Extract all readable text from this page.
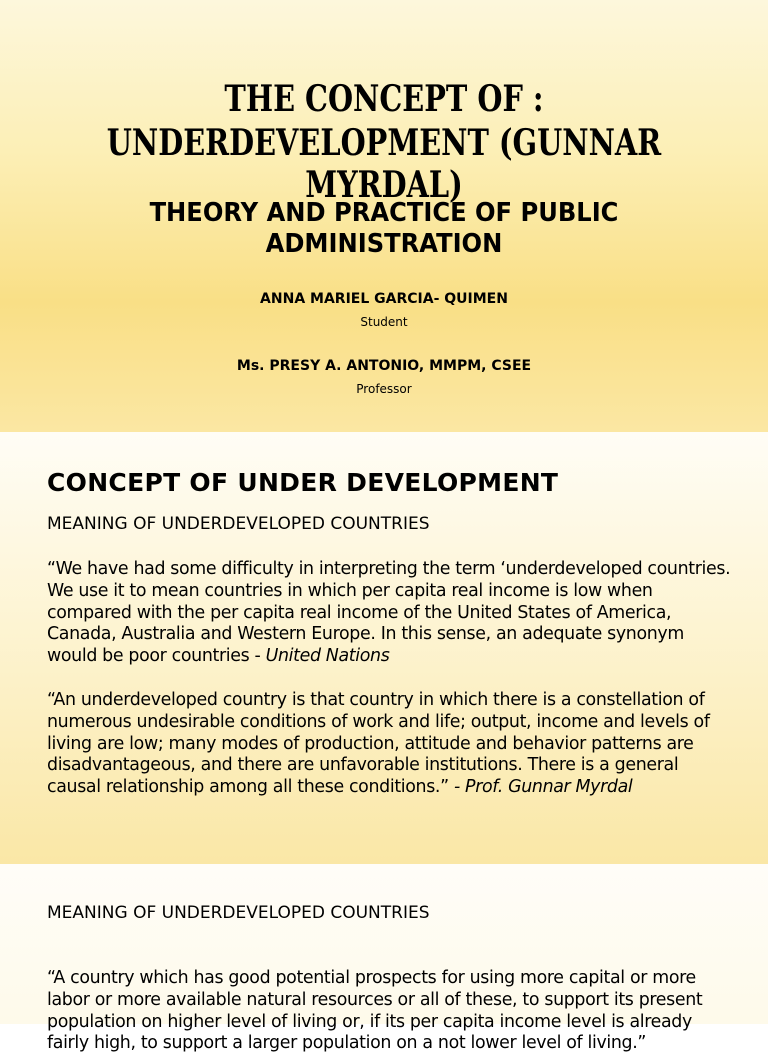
THE CONCEPT OF :
UNDERDEVELOPMENT (GUNNAR MYRDAL)
THEORY AND PRACTICE OF PUBLIC
ADMINISTRATION
ANNA MARIEL GARCIA- QUIMEN
Student
Ms. PRESY A. ANTONIO, MMPM, CSEE
Professor
CONCEPT OF UNDER DEVELOPMENT
MEANING OF UNDERDEVELOPED COUNTRIES

“We have had some difficulty in interpreting the term ‘underdeveloped countries. We use it to mean countries in which per capita real income is low when compared with the per capita real income of the United States of America, Canada, Australia and Western Europe. In this sense, an adequate synonym would be poor countries - United Nations

“An underdeveloped country is that country in which there is a constellation of numerous undesirable conditions of work and life; output, income and levels of living are low; many modes of production, attitude and behavior patterns are disadvantageous, and there are unfavorable institutions. There is a general causal relationship among all these conditions.” - Prof. Gunnar Myrdal

MEANING OF UNDERDEVELOPED COUNTRIES

“A country which has good potential prospects for using more capital or more labor or more available natural resources or all of these, to support its present population on higher level of living or, if its per capita income level is already fairly high, to support a larger population on a not lower level of living.”
